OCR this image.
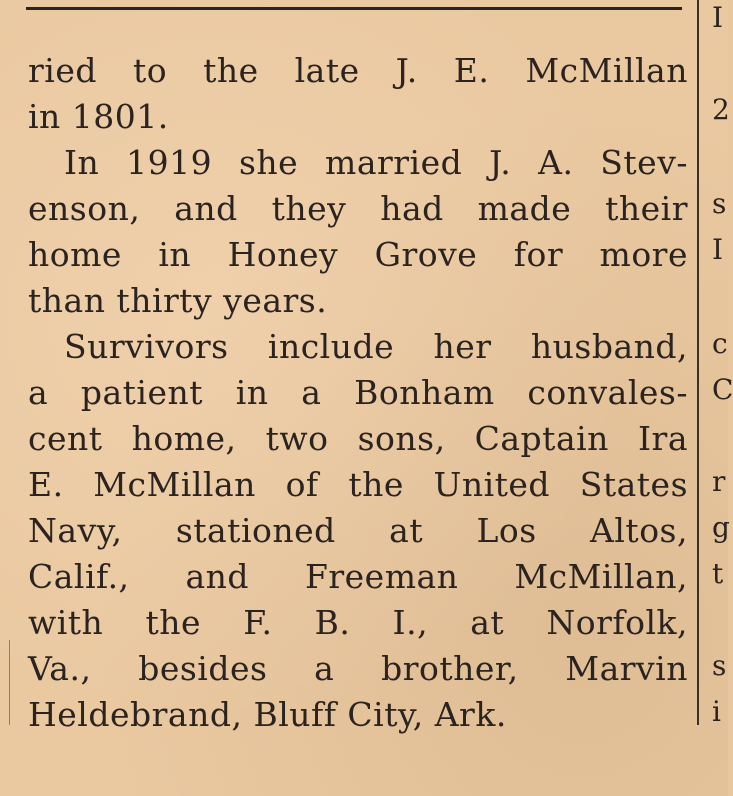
ried to the late J. E. McMillan
in 1801.
In 1919 she married J. A. Stev-
enson, and they had made their
home in Honey Grove for more
than thirty years.
Survivors include her husband,
a patient in a Bonham convales-
cent home, two sons, Captain Ira
E. McMillan of the United States
Navy, stationed at Los Altos,
Calif., and Freeman McMillan,
with the F. B. I., at Norfolk,
Va., besides a brother, Marvin
Heldebrand, Bluff City, Ark.
I
2
s
I
c
C
r
g
t
s
i
